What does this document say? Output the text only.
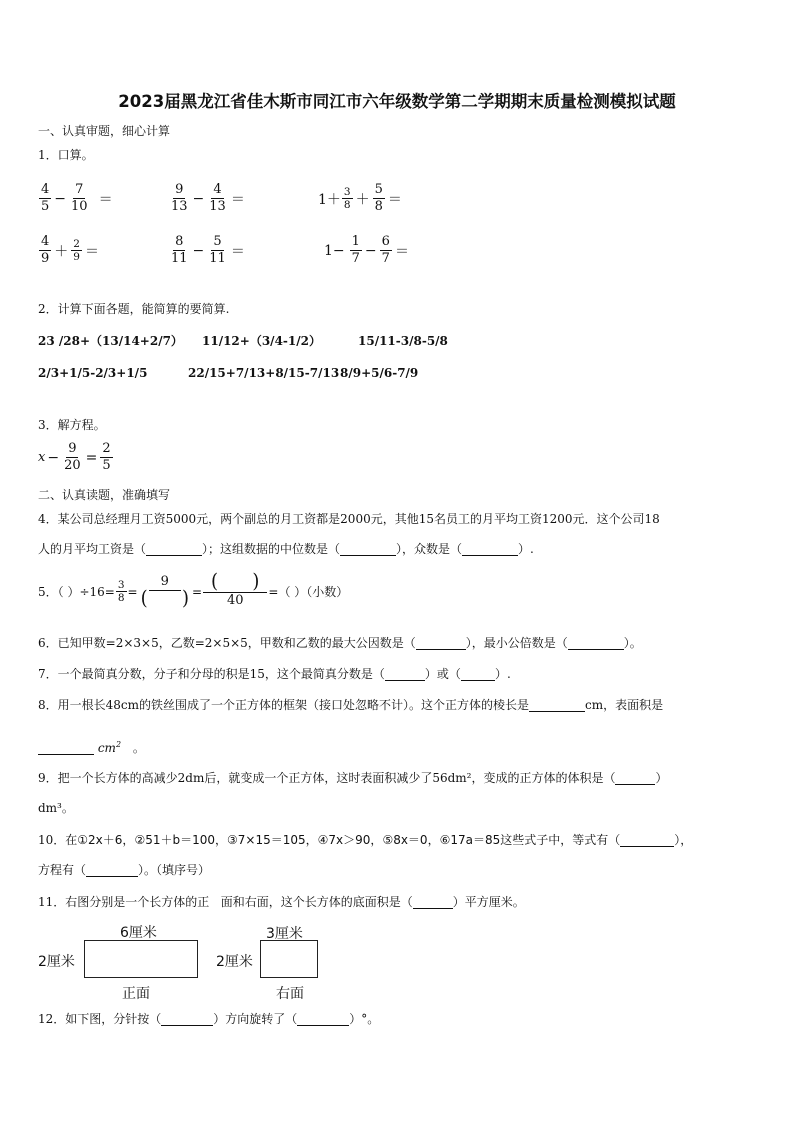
2023届黑龙江省佳木斯市同江市六年级数学第二学期期末质量检测模拟试题
一、认真审题，细心计算
1．口算。
$\frac{4}{5} - \frac{7}{10}$ ＝	$\frac{9}{13} - \frac{4}{13}$ ＝	$1+ \frac{3}{8} + \frac{5}{8}$ ＝
$\frac{4}{9} + \frac{2}{9}$ ＝	$\frac{8}{11} - \frac{5}{11}$ ＝	$1- \frac{1}{7} - \frac{6}{7}$ ＝
2．计算下面各题，能简算的要简算.
23 /28+（13/14+2/7） 11/12+（3/4-1/2）	15/11-3/8-5/8
2/3+1/5-2/3+1/5	22/15+7/13+8/15-7/13 8/9+5/6-7/9
3．解方程。
$x - \frac{9}{20} = \frac{2}{5}$
二、认真读题，准确填写
4．某公司总经理月工资5000元，两个副总的月工资都是2000元，其他15名员工的月平均工资1200元．这个公司18
人的月平均工资是（	）；这组数据的中位数是（	），众数是（	）.
5．（ ）$\div 16= \frac{3}{8} = \frac{9}{( )} = \frac{( )}{40}$ = （ ）（小数）
6．已知甲数=2×3×5，乙数=2×5×5，甲数和乙数的最大公因数是（	），最小公倍数是（	）。
7．一个最简真分数，分子和分母的积是15，这个最简真分数是（	）或（	）.
8．用一根长48cm的铁丝围成了一个正方体的框架（接口处忽略不计）。这个正方体的棱长是	cm，表面积是
$cm^2$ 。
9．把一个长方体的高减少2dm后，就变成一个正方体，这时表面积减少了56dm²，变成的正方体的体积是（	）
dm³。
10．在①2x＋6，②51＋b＝100，③7×15＝105，④7x＞90，⑤8x＝0，⑥17a＝85这些式子中，等式有（	），
方程有（	）。（填序号）
11．右图分别是一个长方体的正 面和右面，这个长方体的底面积是（	）平方厘米。
6厘米
2厘米
正面
3厘米
2厘米
右面
12．如下图，分针按（	）方向旋转了（	）°。
